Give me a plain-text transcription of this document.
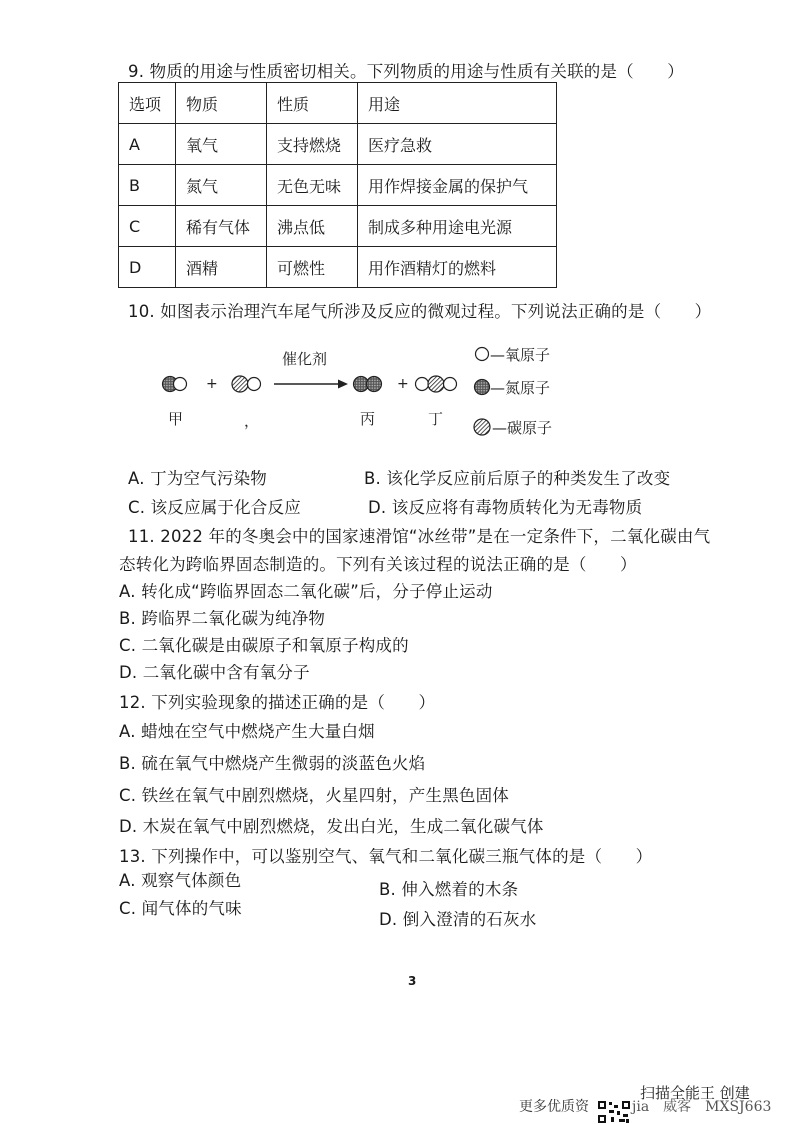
9. 物质的用途与性质密切相关。下列物质的用途与性质有关联的是（　　）
选项	物质	性质	用途
A	氧气	支持燃烧	医疗急救
B	氮气	无色无味	用作焊接金属的保护气
C	稀有气体	沸点低	制成多种用途电光源
D	酒精	可燃性	用作酒精灯的燃料
10. 如图表示治理汽车尾气所涉及反应的微观过程。下列说法正确的是（　　）
+
催化剂
+
甲	，	丙	丁
—氧原子
—氮原子
—碳原子
A. 丁为空气污染物	B. 该化学反应前后原子的种类发生了改变
C. 该反应属于化合反应	D. 该反应将有毒物质转化为无毒物质
11. 2022 年的冬奥会中的国家速滑馆“冰丝带”是在一定条件下，二氧化碳由气
态转化为跨临界固态制造的。下列有关该过程的说法正确的是（　　）
A. 转化成“跨临界固态二氧化碳”后，分子停止运动
B. 跨临界二氧化碳为纯净物
C. 二氧化碳是由碳原子和氧原子构成的
D. 二氧化碳中含有氧分子
12. 下列实验现象的描述正确的是（　　）
A. 蜡烛在空气中燃烧产生大量白烟
B. 硫在氧气中燃烧产生微弱的淡蓝色火焰
C. 铁丝在氧气中剧烈燃烧，火星四射，产生黑色固体
D. 木炭在氧气中剧烈燃烧，发出白光，生成二氧化碳气体
13. 下列操作中，可以鉴别空气、氧气和二氧化碳三瓶气体的是（　　）
A. 观察气体颜色	B. 伸入燃着的木条
C. 闻气体的气味
D. 倒入澄清的石灰水
3
更多优质资	jia　威客　MXSJ663
扫描全能王 创建
